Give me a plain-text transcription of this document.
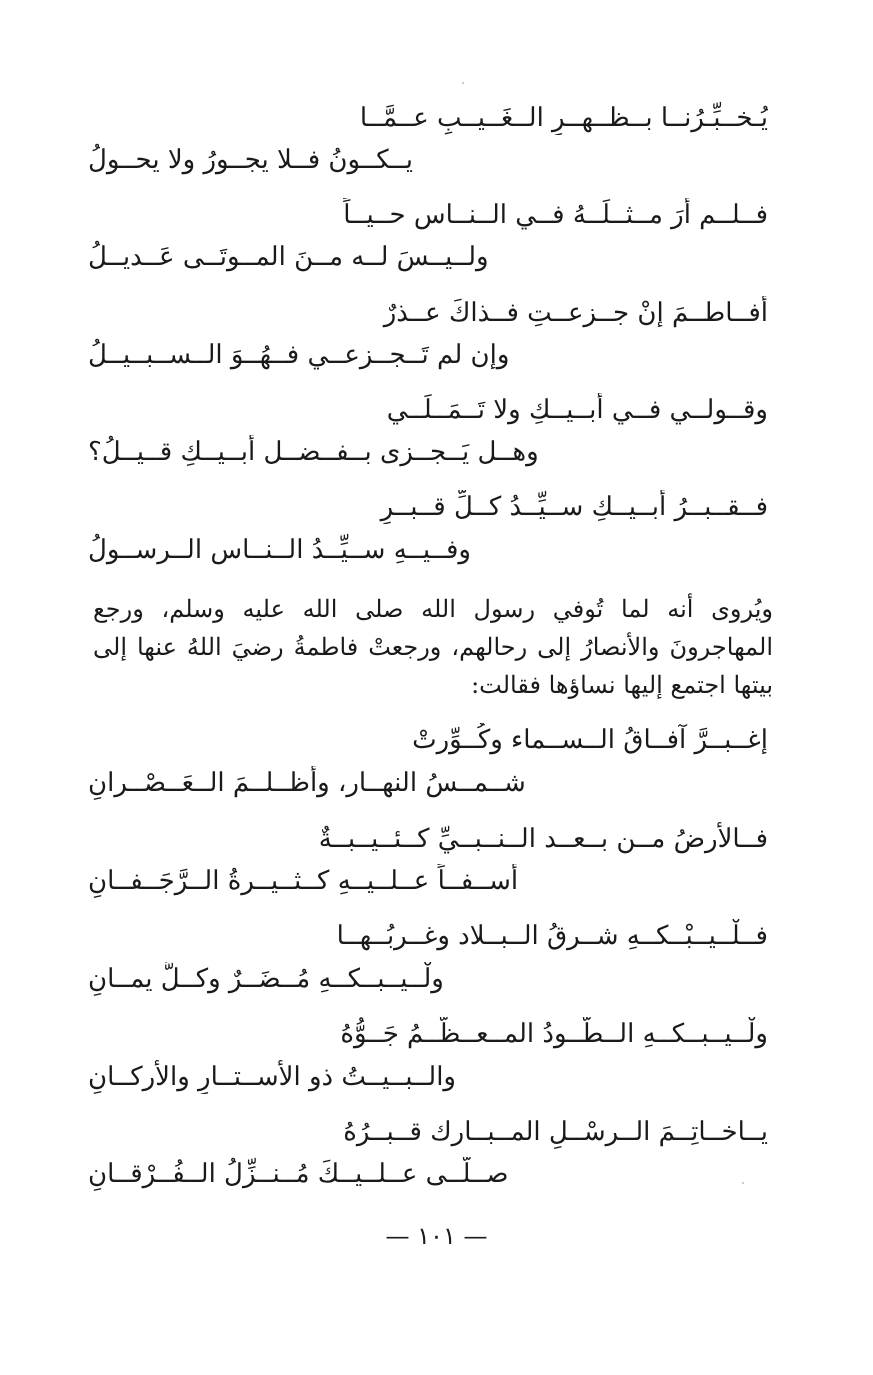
يُـخــبِّـرُنــا بــظــهــرِ الــغَــيــبِ عــمَّــا
يــكــونُ فــلا يجــورُ ولا يحــولُ
فــلــم أرَ مــثــلَــهُ فــي الــنــاس حــيــاً
ولــيــسَ لــه مــنَ المــوتَــى عَــديــلُ
أفــاطــمَ إنْ جــزعــتِ فــذاكَ عــذرٌ
وإن لم تَــجــزعــي فــهُــوَ الــســبــيــلُ
وقــولــي فــي أبــيــكِ ولا تَــمَــلِّــي
وهــل يَــجــزى بــفــضــل أبــيــكِ قــيــلُ؟
فــقــبــرُ أبــيــكِ ســيِّــدُ كــلِّ قــبــرٍ
وفــيــهِ ســيِّــدُ الــنــاس الــرســولُ

ويُروى أنه لما تُوفي رسول الله صلى الله عليه وسلم، ورجع المهاجرونَ والأنصارُ إلى رحالهم، ورجعتْ فاطمةُ رضيَ اللهُ عنها إلى بيتها اجتمع إليها نساؤها فقالت:

إغــبــرَّ آفــاقُ الــســماء وكُــوِّرتْ
شــمــسُ النهــار، وأظــلــمَ الــعَــصْــرانِ
فــالأرضُ مــن بــعــد الــنــبــيِّ كــئــيــبــةٌ
أســفــاً عــلــيــهِ كــثــيــرةُ الــرَّجَــفــانِ
فــلْــيــبْــكــهِ شــرقُ الــبــلاد وغــربُــهــا
ولْــيــبــكــهِ مُــضَــرٌ وكــلُّ يمــانِ
ولْــيــبــكــهِ الــطَّــودُ المــعــظَّــمُ جَــوُّهُ
والــبــيــتُ ذو الأســتــارِ والأركــانِ
يــاخــاتِــمَ الــرسْــلِ المــبــارك قــبــرُهُ
صــلَّــى عــلــيــكَ مُــنــزِّلُ الــفُــرْقــانِ
— ١٠١ —
